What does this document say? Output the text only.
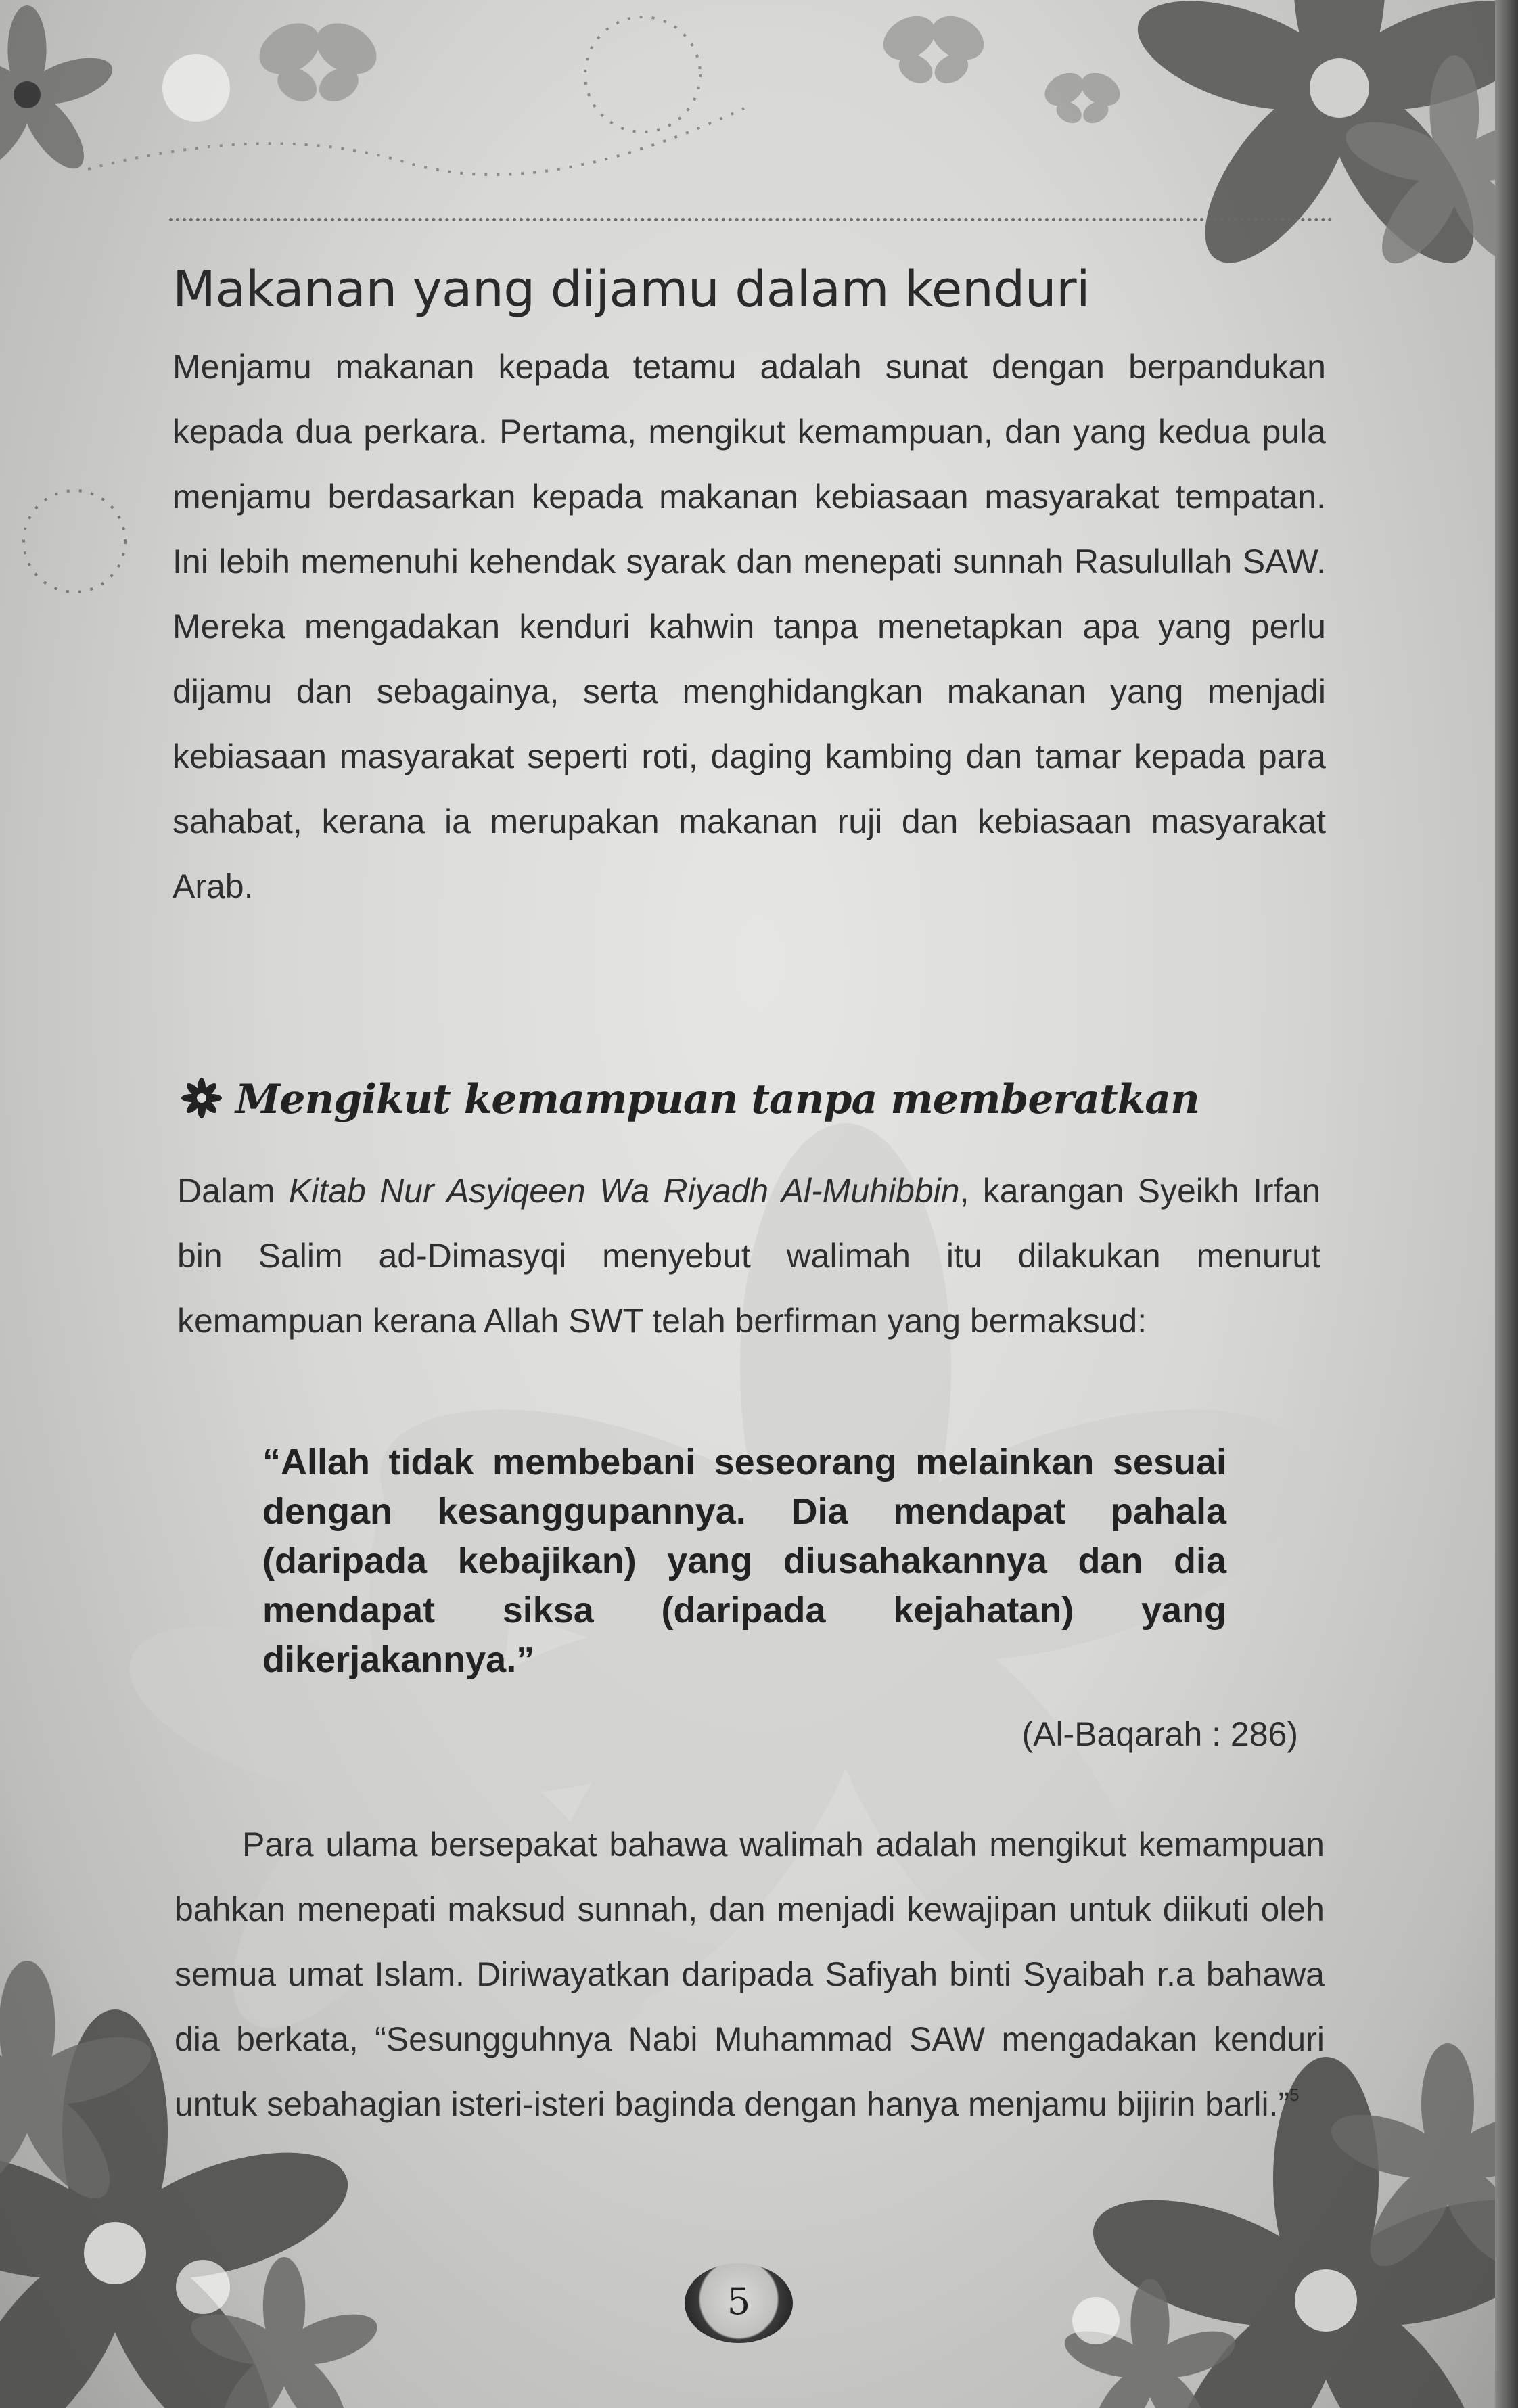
Makanan yang dijamu dalam kenduri

Menjamu makanan kepada tetamu adalah sunat dengan berpandukan kepada dua perkara. Pertama, mengikut kemampuan, dan yang kedua pula menjamu berdasarkan kepada makanan kebiasaan masyarakat tempatan. Ini lebih memenuhi kehendak syarak dan menepati sunnah Rasulullah SAW. Mereka mengadakan kenduri kahwin tanpa menetapkan apa yang perlu dijamu dan sebagainya, serta menghidangkan makanan yang menjadi kebiasaan masyarakat seperti roti, daging kambing dan tamar kepada para sahabat, kerana ia merupakan makanan ruji dan kebiasaan masyarakat Arab.

Mengikut kemampuan tanpa memberatkan

Dalam Kitab Nur Asyiqeen Wa Riyadh Al-Muhibbin, karangan Syeikh Irfan bin Salim ad-Dimasyqi menyebut walimah itu dilakukan menurut kemampuan kerana Allah SWT telah berfirman yang bermaksud:

“Allah tidak membebani seseorang melainkan sesuai dengan kesanggupannya. Dia mendapat pahala (daripada kebajikan) yang diusahakannya dan dia mendapat siksa (daripada kejahatan) yang dikerjakannya.”

(Al-Baqarah : 286)

Para ulama bersepakat bahawa walimah adalah mengikut kemampuan bahkan menepati maksud sunnah, dan menjadi kewajipan untuk diikuti oleh semua umat Islam. Diriwayatkan daripada Safiyah binti Syaibah r.a bahawa dia berkata, “Sesungguhnya Nabi Muhammad SAW mengadakan kenduri untuk sebahagian isteri-isteri baginda dengan hanya menjamu bijirin barli.”$^5$

5
